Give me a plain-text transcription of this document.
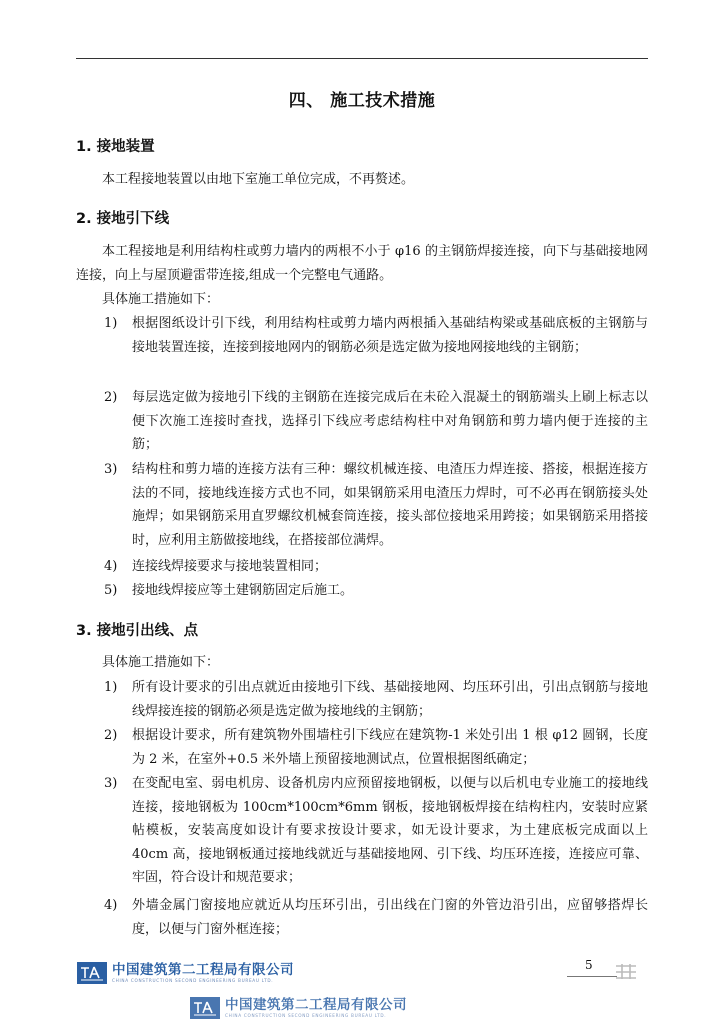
四、 施工技术措施
1. 接地装置

本工程接地装置以由地下室施工单位完成，不再赘述。

2. 接地引下线

本工程接地是利用结构柱或剪力墙内的两根不小于 φ16 的主钢筋焊接连接，向下与基础接地网连接，向上与屋顶避雷带连接,组成一个完整电气通路。

具体施工措施如下：

1) 根据图纸设计引下线，利用结构柱或剪力墙内两根插入基础结构梁或基础底板的主钢筋与接地装置连接，连接到接地网内的钢筋必须是选定做为接地网接地线的主钢筋；
2) 每层选定做为接地引下线的主钢筋在连接完成后在未砼入混凝土的钢筋端头上刷上标志以便下次施工连接时查找，选择引下线应考虑结构柱中对角钢筋和剪力墙内便于连接的主筋；
3) 结构柱和剪力墙的连接方法有三种：螺纹机械连接、电渣压力焊连接、搭接，根据连接方法的不同，接地线连接方式也不同，如果钢筋采用电渣压力焊时，可不必再在钢筋接头处施焊；如果钢筋采用直罗螺纹机械套筒连接，接头部位接地采用跨接；如果钢筋采用搭接时，应利用主筋做接地线，在搭接部位满焊。
4) 连接线焊接要求与接地装置相同；
5) 接地线焊接应等土建钢筋固定后施工。
3. 接地引出线、点

具体施工措施如下：

1) 所有设计要求的引出点就近由接地引下线、基础接地网、均压环引出，引出点钢筋与接地线焊接连接的钢筋必须是选定做为接地线的主钢筋；
2) 根据设计要求，所有建筑物外围墙柱引下线应在建筑物-1 米处引出 1 根 φ12 圆钢，长度为 2 米，在室外+0.5 米外墙上预留接地测试点，位置根据图纸确定；
3) 在变配电室、弱电机房、设备机房内应预留接地钢板，以便与以后机电专业施工的接地线连接，接地钢板为 100cm*100cm*6mm 钢板，接地钢板焊接在结构柱内，安装时应紧帖模板，安装高度如设计有要求按设计要求，如无设计要求，为土建底板完成面以上 40cm 高，接地钢板通过接地线就近与基础接地网、引下线、均压环连接，连接应可靠、牢固，符合设计和规范要求；
4) 外墙金属门窗接地应就近从均压环引出，引出线在门窗的外管边沿引出，应留够搭焊长度，以便与门窗外框连接；
5
中国建筑第二工程局有限公司
CHINA CONSTRUCTION SECOND ENGINEERING BUREAU LTD.
中国建筑第二工程局有限公司
CHINA CONSTRUCTION SECOND ENGINEERING BUREAU LTD.
